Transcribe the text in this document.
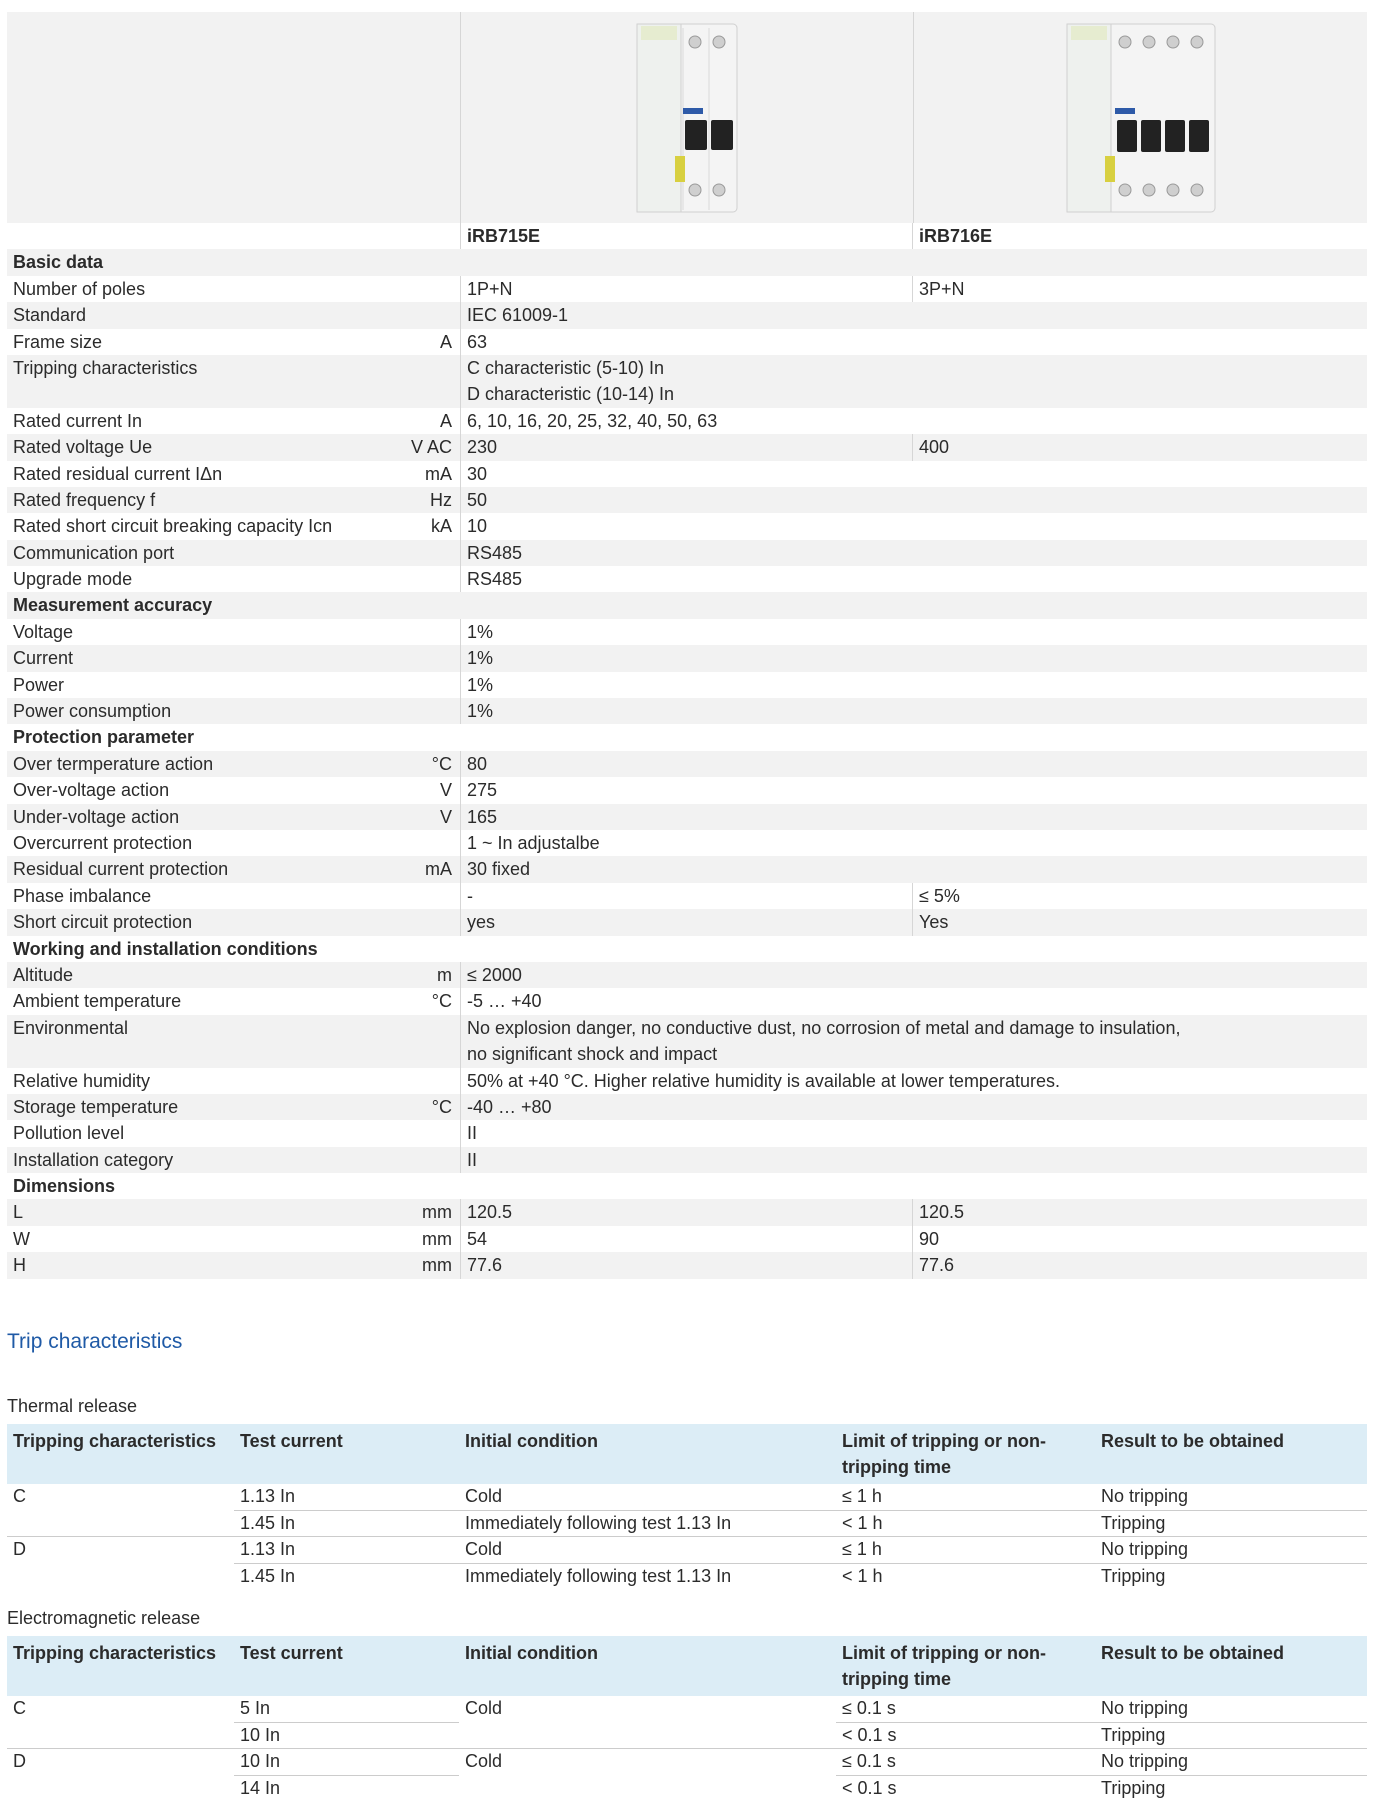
iRB715E	iRB716E
Basic data
Number of poles	1P+N	3P+N
Standard	IEC 61009-1
Frame size	A 63
Tripping characteristics	C characteristic (5-10) In
D characteristic (10-14) In
Rated current In	A 6, 10, 16, 20, 25, 32, 40, 50, 63
Rated voltage Ue	V AC 230	400
Rated residual current IΔn	mA 30
Rated frequency f	Hz 50
Rated short circuit breaking capacity Icn	kA 10
Communication port	RS485
Upgrade mode	RS485
Measurement accuracy
Voltage	1%
Current	1%
Power	1%
Power consumption	1%
Protection parameter
Over termperature action	°C 80
Over-voltage action	V 275
Under-voltage action	V 165
Overcurrent protection	1 ~ In adjustalbe
Residual current protection	mA 30 fixed
Phase imbalance	-	≤ 5%
Short circuit protection	yes	Yes
Working and installation conditions
Altitude	m ≤ 2000
Ambient temperature	°C -5 … +40
Environmental	No explosion danger, no conductive dust, no corrosion of metal and damage to insulation,
no significant shock and impact
Relative humidity	50% at +40 °C. Higher relative humidity is available at lower temperatures.
Storage temperature	°C -40 … +80
Pollution level	II
Installation category	II
Dimensions
L	mm 120.5	120.5
W	mm 54	90
H	mm 77.6	77.6
Trip characteristics
Thermal release
Tripping characteristics	Test current	Initial condition	Limit of tripping or non-tripping time	Result to be obtained
C	1.13 In	Cold	≤ 1 h	No tripping
	1.45 In	Immediately following test 1.13 In	< 1 h	Tripping
D	1.13 In	Cold	≤ 1 h	No tripping
	1.45 In	Immediately following test 1.13 In	< 1 h	Tripping
Electromagnetic release
Tripping characteristics	Test current	Initial condition	Limit of tripping or non-tripping time	Result to be obtained
C	5 In	Cold	≤ 0.1 s	No tripping
	10 In		< 0.1 s	Tripping
D	10 In	Cold	≤ 0.1 s	No tripping
	14 In		< 0.1 s	Tripping
